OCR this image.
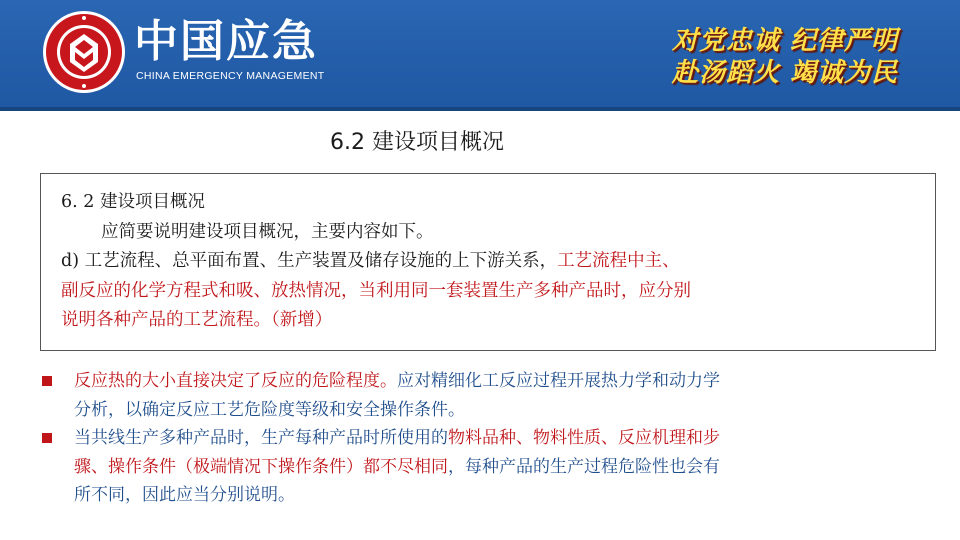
中国应急
CHINA EMERGENCY MANAGEMENT
对党忠诚 纪律严明
赴汤蹈火 竭诚为民
6.2 建设项目概况
6. 2 建设项目概况
应简要说明建设项目概况，主要内容如下。
d) 工艺流程、总平面布置、生产装置及储存设施的上下游关系，工艺流程中主、
副反应的化学方程式和吸、放热情况，当利用同一套装置生产多种产品时，应分别
说明各种产品的工艺流程。（新增）
反应热的大小直接决定了反应的危险程度。应对精细化工反应过程开展热力学和动力学
分析，以确定反应工艺危险度等级和安全操作条件。
当共线生产多种产品时，生产每种产品时所使用的物料品种、物料性质、反应机理和步
骤、操作条件（极端情况下操作条件）都不尽相同，每种产品的生产过程危险性也会有
所不同，因此应当分别说明。
